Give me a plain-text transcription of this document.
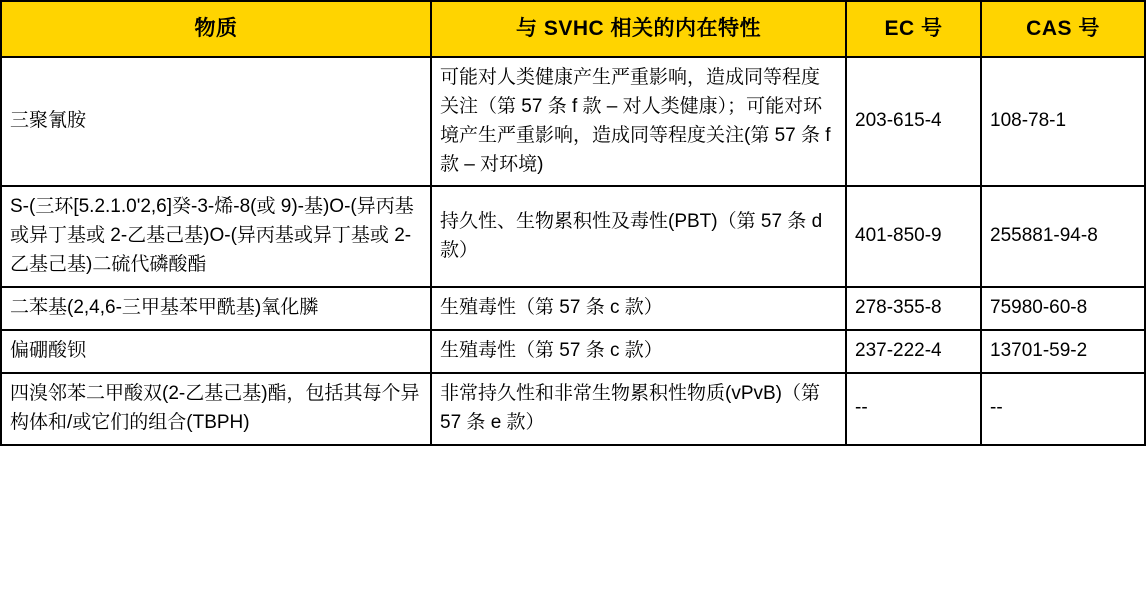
物质	与 SVHC 相关的内在特性	EC 号	CAS 号
三聚氰胺	可能对人类健康产生严重影响，造成同等程度关注（第 57 条 f 款 – 对人类健康）；可能对环境产生严重影响，造成同等程度关注(第 57 条 f 款 – 对环境)	203-615-4	108-78-1
S-(三环[5.2.1.0'2,6]癸-3-烯-8(或 9)-基)O-(异丙基或异丁基或 2-乙基己基)O-(异丙基或异丁基或 2-乙基己基)二硫代磷酸酯	持久性、生物累积性及毒性(PBT)（第 57 条 d 款）	401-850-9	255881-94-8
二苯基(2,4,6-三甲基苯甲酰基)氧化膦	生殖毒性（第 57 条 c 款）	278-355-8	75980-60-8
偏硼酸钡	生殖毒性（第 57 条 c 款）	237-222-4	13701-59-2
四溴邻苯二甲酸双(2-乙基己基)酯，包括其每个异构体和/或它们的组合(TBPH)	非常持久性和非常生物累积性物质(vPvB)（第 57 条 e 款）	--	--
